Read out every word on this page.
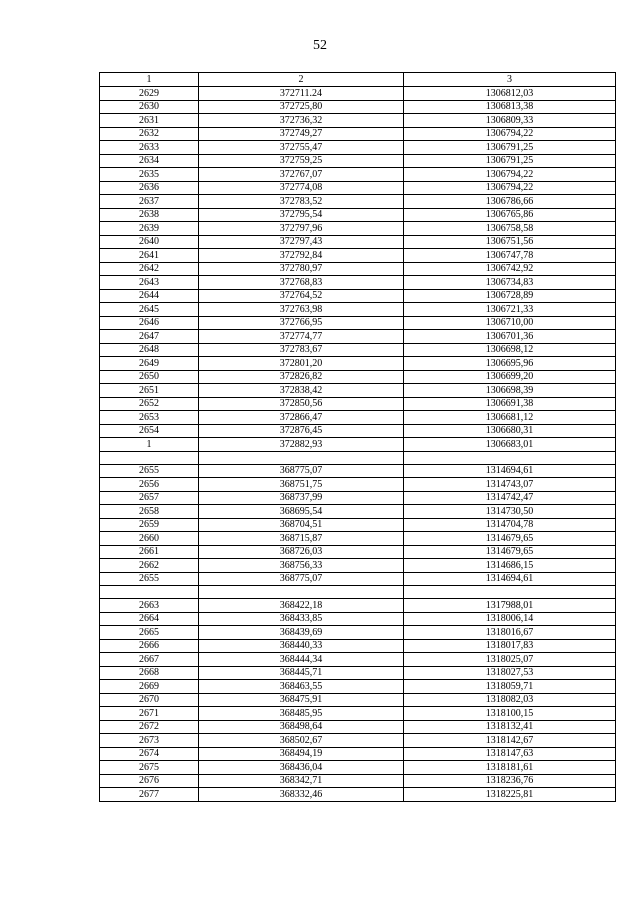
52
1	2	3
2629	372711.24	1306812,03
2630	372725,80	1306813,38
2631	372736,32	1306809,33
2632	372749,27	1306794,22
2633	372755,47	1306791,25
2634	372759,25	1306791,25
2635	372767,07	1306794,22
2636	372774,08	1306794,22
2637	372783,52	1306786,66
2638	372795,54	1306765,86
2639	372797,96	1306758,58
2640	372797,43	1306751,56
2641	372792,84	1306747,78
2642	372780,97	1306742,92
2643	372768,83	1306734,83
2644	372764,52	1306728,89
2645	372763,98	1306721,33
2646	372766,95	1306710,00
2647	372774,77	1306701,36
2648	372783,67	1306698,12
2649	372801,20	1306695,96
2650	372826,82	1306699,20
2651	372838,42	1306698,39
2652	372850,56	1306691,38
2653	372866,47	1306681,12
2654	372876,45	1306680,31
1	372882,93	1306683,01

2655	368775,07	1314694,61
2656	368751,75	1314743,07
2657	368737,99	1314742,47
2658	368695,54	1314730,50
2659	368704,51	1314704,78
2660	368715,87	1314679,65
2661	368726,03	1314679,65
2662	368756,33	1314686,15
2655	368775,07	1314694,61

2663	368422,18	1317988,01
2664	368433,85	1318006,14
2665	368439,69	1318016,67
2666	368440,33	1318017,83
2667	368444,34	1318025,07
2668	368445,71	1318027,53
2669	368463,55	1318059,71
2670	368475,91	1318082,03
2671	368485,95	1318100,15
2672	368498,64	1318132,41
2673	368502,67	1318142,67
2674	368494,19	1318147,63
2675	368436,04	1318181,61
2676	368342,71	1318236,76
2677	368332,46	1318225,81
